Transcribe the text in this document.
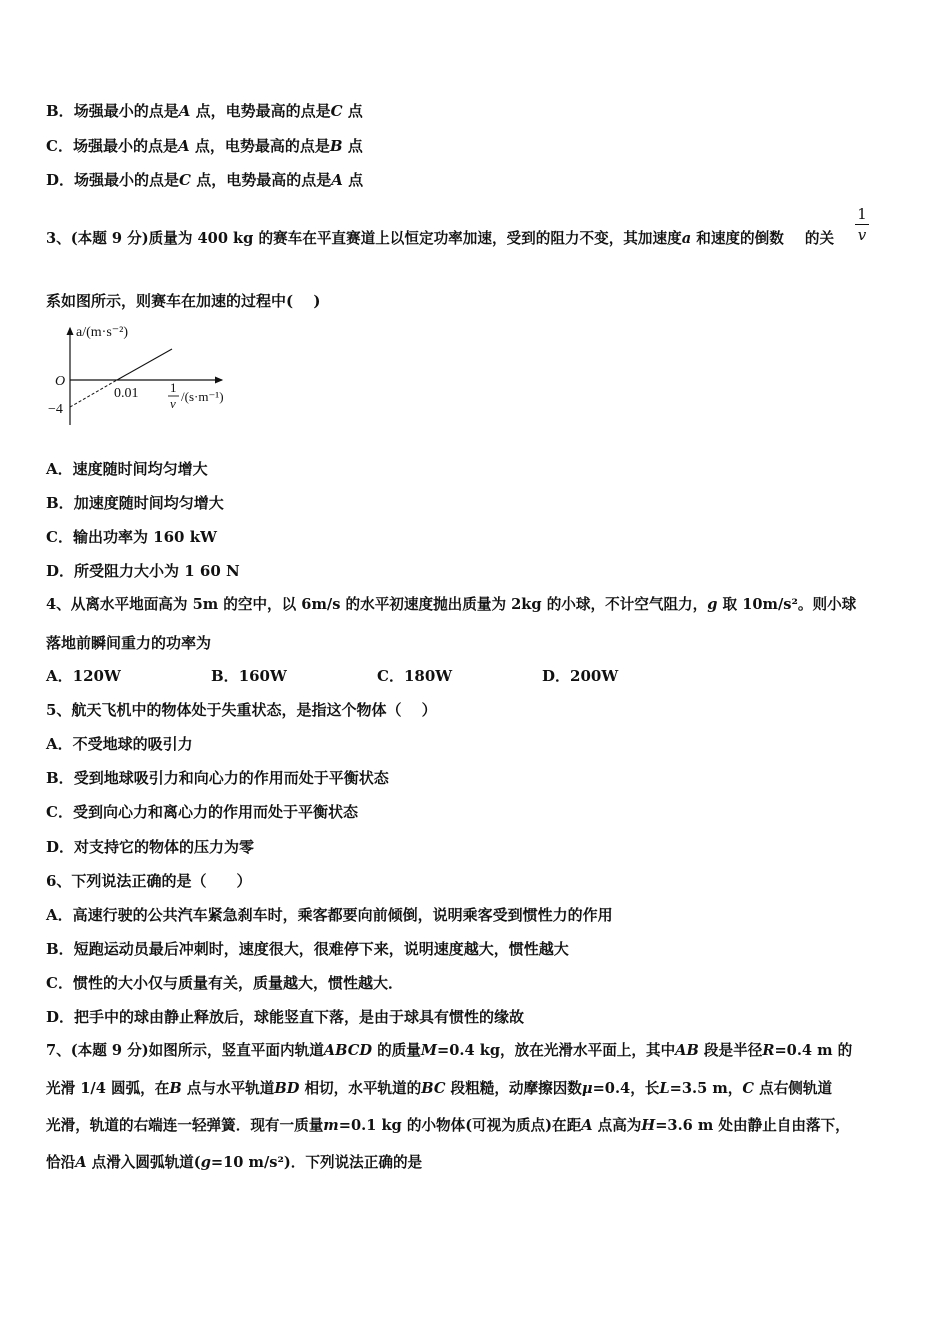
B．场强最小的点是A 点，电势最高的点是C 点
C．场强最小的点是A 点，电势最高的点是B 点
D．场强最小的点是C 点，电势最高的点是A 点
3、(本题 9 分)质量为 400 kg 的赛车在平直赛道上以恒定功率加速，受到的阻力不变，其加速度a 和速度的倒数 的关
1
v
系如图所示，则赛车在加速的过程中(　 )
a/(m·s⁻²)
O
−4
0.01 1
v /(s·m⁻¹)
A．速度随时间均匀增大
B．加速度随时间均匀增大
C．输出功率为 160 kW
D．所受阻力大小为 1 60 N
4、从离水平地面高为 5m 的空中，以 6m/s 的水平初速度抛出质量为 2kg 的小球，不计空气阻力，g 取 10m/s²。则小球
落地前瞬间重力的功率为
A．120W	B．160W	C．180W	D．200W
5、航天飞机中的物体处于失重状态，是指这个物体（　 ）
A．不受地球的吸引力
B．受到地球吸引力和向心力的作用而处于平衡状态
C．受到向心力和离心力的作用而处于平衡状态
D．对支持它的物体的压力为零
6、下列说法正确的是（　　）
A．高速行驶的公共汽车紧急刹车时，乘客都要向前倾倒，说明乘客受到惯性力的作用
B．短跑运动员最后冲刺时，速度很大，很难停下来，说明速度越大，惯性越大
C．惯性的大小仅与质量有关，质量越大，惯性越大．
D．把手中的球由静止释放后，球能竖直下落，是由于球具有惯性的缘故
7、(本题 9 分)如图所示，竖直平面内轨道ABCD 的质量M=0.4 kg，放在光滑水平面上，其中AB 段是半径R=0.4 m 的
光滑 1/4 圆弧，在B 点与水平轨道BD 相切，水平轨道的BC 段粗糙，动摩擦因数μ=0.4，长L=3.5 m，C 点右侧轨道
光滑，轨道的右端连一轻弹簧．现有一质量m=0.1 kg 的小物体(可视为质点)在距A 点高为H=3.6 m 处由静止自由落下，
恰沿A 点滑入圆弧轨道(g=10 m/s²)．下列说法正确的是
